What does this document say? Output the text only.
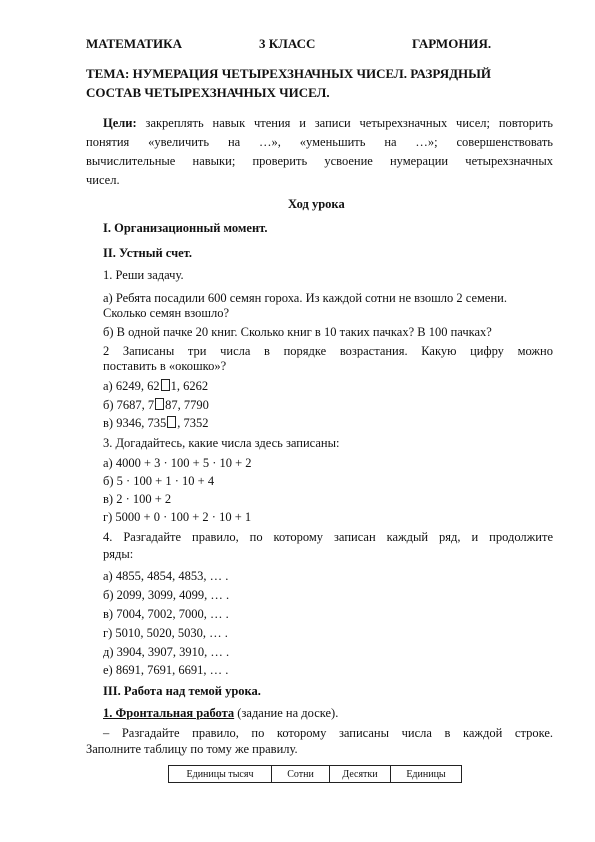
МАТЕМАТИКА	3 КЛАСС	ГАРМОНИЯ.
ТЕМА: НУМЕРАЦИЯ ЧЕТЫРЕХЗНАЧНЫХ ЧИСЕЛ. РАЗРЯДНЫЙ
СОСТАВ ЧЕТЫРЕХЗНАЧНЫХ ЧИСЕЛ.
Цели: закреплять навык чтения и записи четырехзначных чисел; повторить
понятия «увеличить на …», «уменьшить на …»; совершенствовать
вычислительные навыки; проверить усвоение нумерации четырехзначных
чисел.
Ход урока
I. Организационный момент.
II. Устный счет.
1. Реши задачу.
а) Ребята посадили 600 семян гороха. Из каждой сотни не взошло 2 семени.
Сколько семян взошло?
б) В одной пачке 20 книг. Сколько книг в 10 таких пачках? В 100 пачках?
2 Записаны три числа в порядке возрастания. Какую цифру можно
поставить в «окошко»?
а) 6249, 62 1, 6262
б) 7687, 7 87, 7790
в) 9346, 735 , 7352
3. Догадайтесь, какие числа здесь записаны:
а) 4000 + 3 · 100 + 5 · 10 + 2
б) 5 · 100 + 1 · 10 + 4
в) 2 · 100 + 2
г) 5000 + 0 · 100 + 2 · 10 + 1
4. Разгадайте правило, по которому записан каждый ряд, и продолжите
ряды:
а) 4855, 4854, 4853, … .
б) 2099, 3099, 4099, … .
в) 7004, 7002, 7000, … .
г) 5010, 5020, 5030, … .
д) 3904, 3907, 3910, … .
е) 8691, 7691, 6691, … .
III. Работа над темой урока.
1. Фронтальная работа (задание на доске).
– Разгадайте правило, по которому записаны числа в каждой строке.
Заполните таблицу по тому же правилу.
Единицы тысяч	Сотни	Десятки	Единицы
